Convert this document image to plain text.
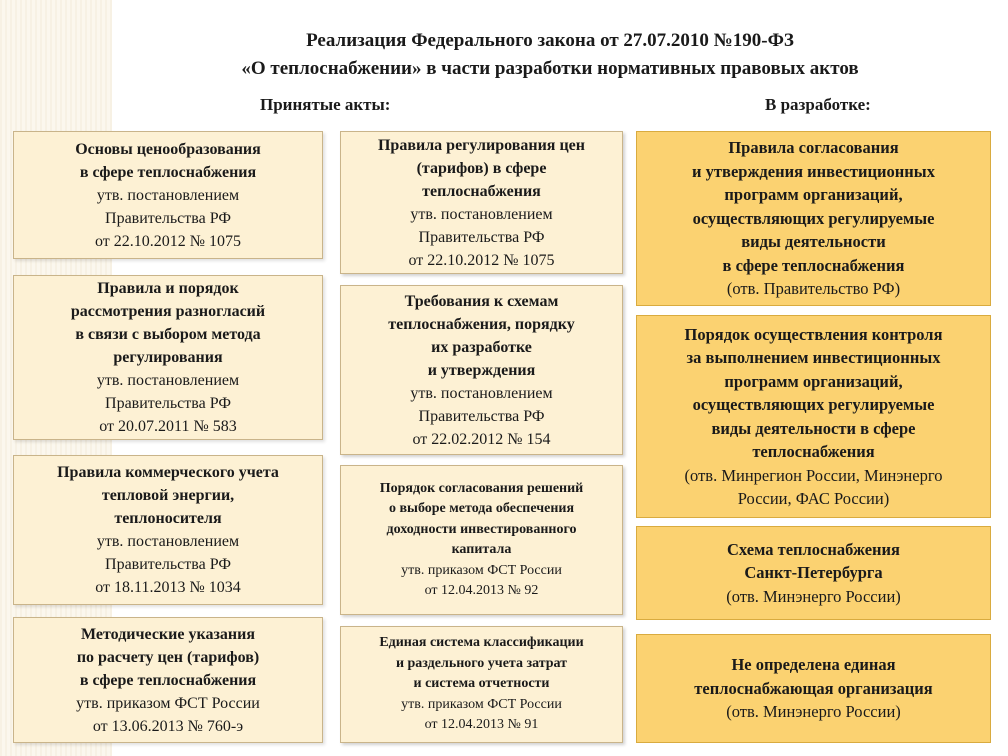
Реализация Федерального закона от 27.07.2010 №190-ФЗ
«О теплоснабжении» в части разработки нормативных правовых актов
Принятые акты:	В разработке:
Основы ценообразования
в сфере теплоснабжения
утв. постановлением
Правительства РФ
от 22.10.2012 № 1075
Правила и порядок
рассмотрения разногласий
в связи с выбором метода
регулирования
утв. постановлением
Правительства РФ
от 20.07.2011 № 583
Правила коммерческого учета
тепловой энергии,
теплоносителя
утв. постановлением
Правительства РФ
от 18.11.2013 № 1034
Методические указания
по расчету цен (тарифов)
в сфере теплоснабжения
утв. приказом ФСТ России
от 13.06.2013 № 760-э
Правила регулирования цен
(тарифов) в сфере
теплоснабжения
утв. постановлением
Правительства РФ
от 22.10.2012 № 1075
Требования к схемам
теплоснабжения, порядку
их разработке
и утверждения
утв. постановлением
Правительства РФ
от 22.02.2012 № 154
Порядок согласования решений
о выборе метода обеспечения
доходности инвестированного
капитала
утв. приказом ФСТ России
от 12.04.2013 № 92
Единая система классификации
и раздельного учета затрат
и система отчетности
утв. приказом ФСТ России
от 12.04.2013 № 91
Правила согласования
и утверждения инвестиционных
программ организаций,
осуществляющих регулируемые
виды деятельности
в сфере теплоснабжения
(отв. Правительство РФ)
Порядок осуществления контроля
за выполнением инвестиционных
программ организаций,
осуществляющих регулируемые
виды деятельности в сфере
теплоснабжения
(отв. Минрегион России, Минэнерго
России, ФАС России)
Схема теплоснабжения
Санкт-Петербурга
(отв. Минэнерго России)
Не определена единая
теплоснабжающая организация
(отв. Минэнерго России)
